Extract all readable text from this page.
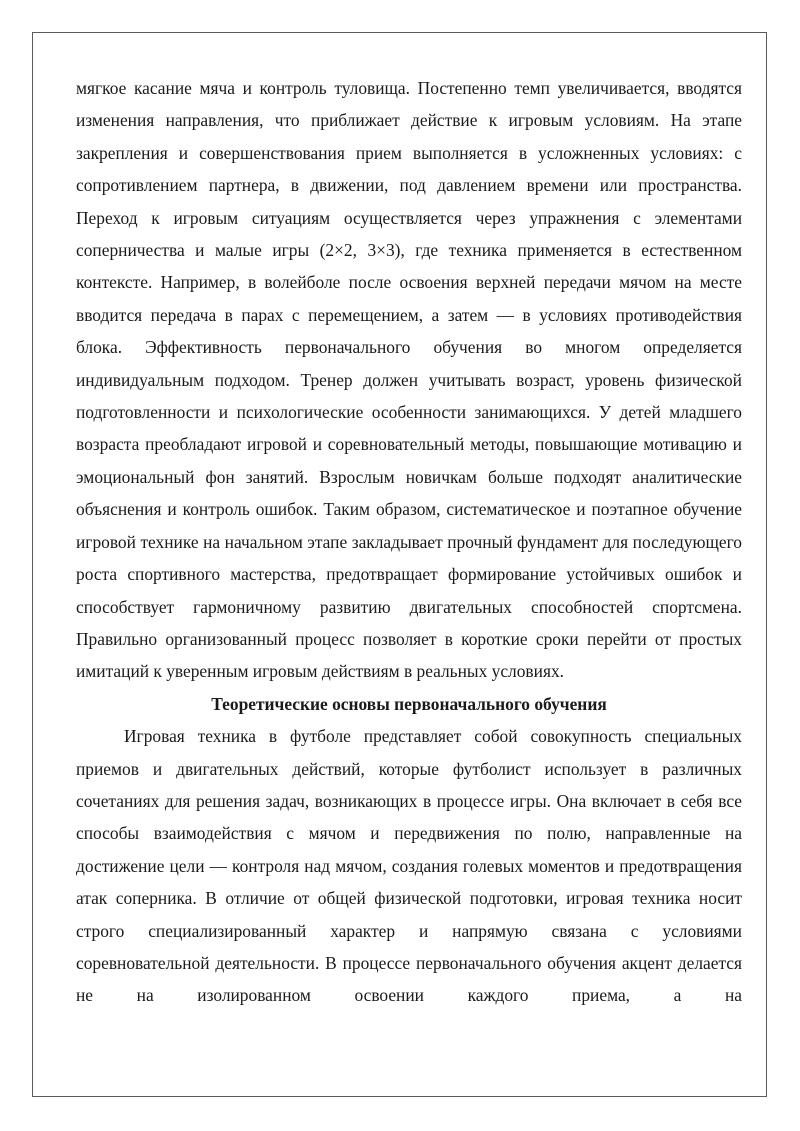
мягкое касание мяча и контроль туловища. Постепенно темп увеличивается, вводятся изменения направления, что приближает действие к игровым условиям. На этапе закрепления и совершенствования прием выполняется в усложненных условиях: с сопротивлением партнера, в движении, под давлением времени или пространства. Переход к игровым ситуациям осуществляется через упражнения с элементами соперничества и малые игры (2×2, 3×3), где техника применяется в естественном контексте. Например, в волейболе после освоения верхней передачи мячом на месте вводится передача в парах с перемещением, а затем — в условиях противодействия блока. Эффективность первоначального обучения во многом определяется индивидуальным подходом. Тренер должен учитывать возраст, уровень физической подготовленности и психологические особенности занимающихся. У детей младшего возраста преобладают игровой и соревновательный методы, повышающие мотивацию и эмоциональный фон занятий. Взрослым новичкам больше подходят аналитические объяснения и контроль ошибок. Таким образом, систематическое и поэтапное обучение игровой технике на начальном этапе закладывает прочный фундамент для последующего роста спортивного мастерства, предотвращает формирование устойчивых ошибок и способствует гармоничному развитию двигательных способностей спортсмена. Правильно организованный процесс позволяет в короткие сроки перейти от простых имитаций к уверенным игровым действиям в реальных условиях.

Теоретические основы первоначального обучения

Игровая техника в футболе представляет собой совокупность специальных приемов и двигательных действий, которые футболист использует в различных сочетаниях для решения задач, возникающих в процессе игры. Она включает в себя все способы взаимодействия с мячом и передвижения по полю, направленные на достижение цели — контроля над мячом, создания голевых моментов и предотвращения атак соперника. В отличие от общей физической подготовки, игровая техника носит строго специализированный характер и напрямую связана с условиями соревновательной деятельности. В процессе первоначального обучения акцент делается не на изолированном освоении каждого приема, а на
